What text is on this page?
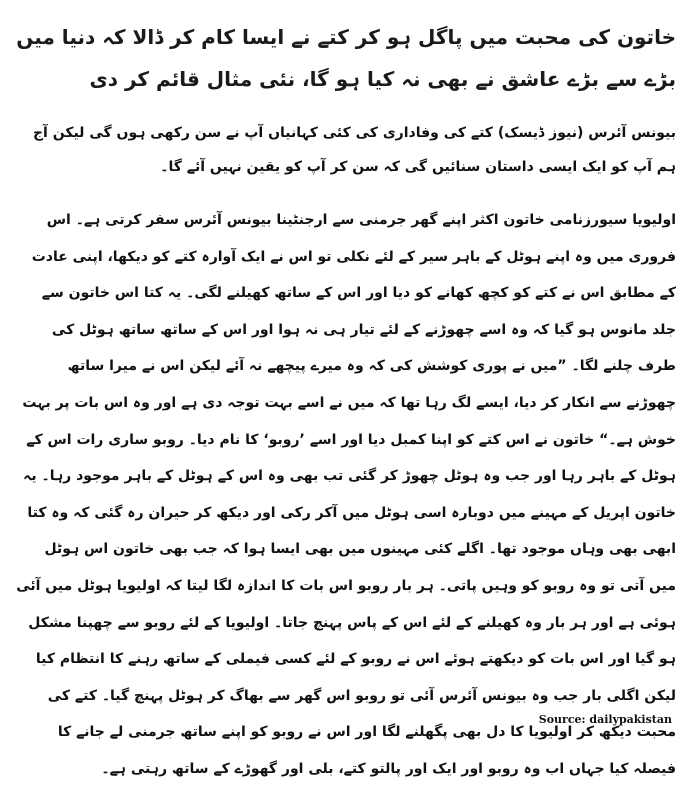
خاتون کی محبت میں پاگل ہو کر کتے نے ایسا کام کر ڈالا کہ دنیا میں بڑے سے بڑے عاشق نے بھی نہ کیا ہو گا، نئی مثال قائم کر دی

بیونس آئرس (نیوز ڈیسک) کتے کی وفاداری کی کئی کہانیاں آپ نے سن رکھی ہوں گی لیکن آج ہم آپ کو ایک ایسی داستان سنائیں گی کہ سن کر آپ کو یقین نہیں آئے گا۔

اولیویا سیورزنامی خاتون اکثر اپنے گھر جرمنی سے ارجنٹینا بیونس آئرس سفر کرتی ہے۔ اس فروری میں وہ اپنے ہوٹل کے باہر سیر کے لئے نکلی تو اس نے ایک آوارہ کتے کو دیکھا، اپنی عادت کے مطابق اس نے کتے کو کچھ کھانے کو دیا اور اس کے ساتھ کھیلنے لگی۔ یہ کتا اس خاتون سے جلد مانوس ہو گیا کہ وہ اسے چھوڑنے کے لئے تیار ہی نہ ہوا اور اس کے ساتھ ساتھ ہوٹل کی طرف چلنے لگا۔ ”میں نے پوری کوشش کی کہ وہ میرے پیچھے نہ آئے لیکن اس نے میرا ساتھ چھوڑنے سے انکار کر دیا، ایسے لگ رہا تھا کہ میں نے اسے بہت توجہ دی ہے اور وہ اس بات پر بہت خوش ہے۔“ خاتون نے اس کتے کو اپنا کمبل دیا اور اسے ’روبو‘ کا نام دیا۔ روبو ساری رات اس کے ہوٹل کے باہر رہا اور جب وہ ہوٹل چھوڑ کر گئی تب بھی وہ اس کے ہوٹل کے باہر موجود رہا۔ یہ خاتون اپریل کے مہینے میں دوبارہ اسی ہوٹل میں آکر رکی اور دیکھ کر حیران رہ گئی کہ وہ کتا ابھی بھی وہاں موجود تھا۔ اگلے کئی مہینوں میں بھی ایسا ہوا کہ جب بھی خاتون اس ہوٹل میں آتی تو وہ روبو کو وہیں پاتی۔ ہر بار روبو اس بات کا اندازہ لگا لیتا کہ اولیویا ہوٹل میں آئی ہوئی ہے اور ہر بار وہ کھیلنے کے لئے اس کے پاس پہنچ جاتا۔ اولیویا کے لئے روبو سے چھپنا مشکل ہو گیا اور اس بات کو دیکھتے ہوئے اس نے روبو کے لئے کسی فیملی کے ساتھ رہنے کا انتظام کیا لیکن اگلی بار جب وہ بیونس آئرس آئی تو روبو اس گھر سے بھاگ کر ہوٹل پہنچ گیا۔ کتے کی محبت دیکھ کر اولیویا کا دل بھی پگھلنے لگا اور اس نے روبو کو اپنے ساتھ جرمنی لے جانے کا فیصلہ کیا جہاں اب وہ روبو اور ایک اور پالتو کتے، بلی اور گھوڑے کے ساتھ رہتی ہے۔

Source: dailypakistan
